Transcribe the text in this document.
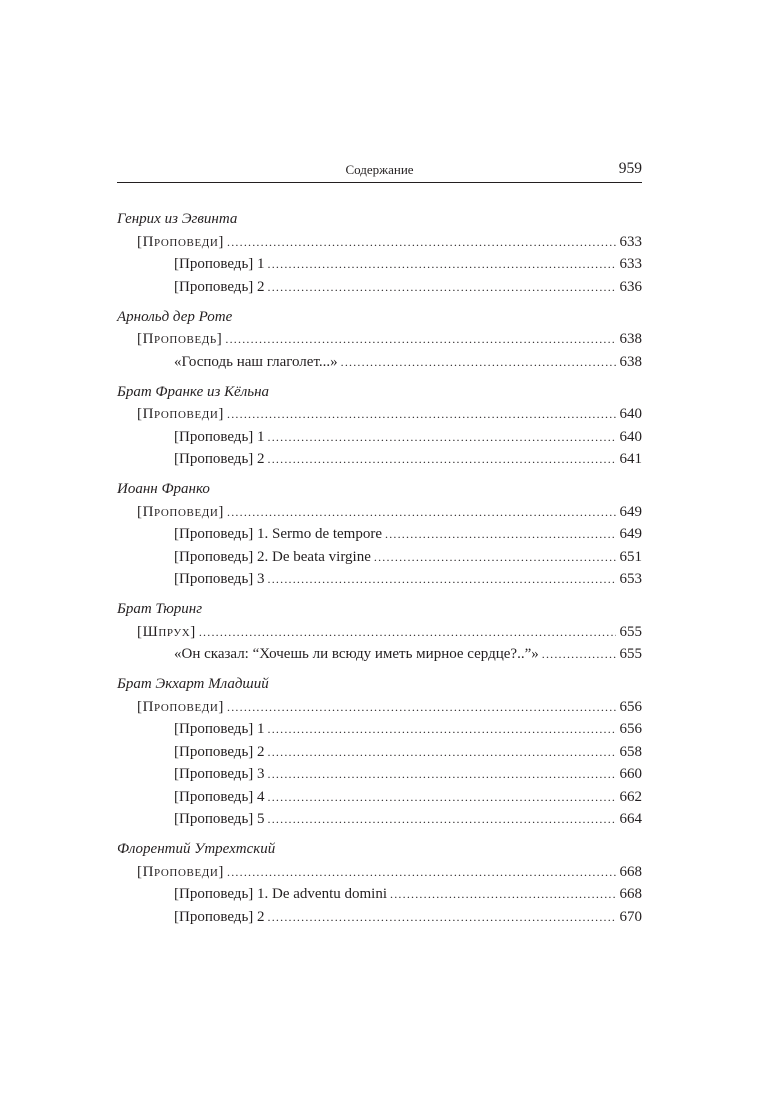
Содержание	959
Генрих из Эгвинта
[Проповеди] .....	633
[Проповедь] 1 .....	633
[Проповедь] 2 .....	636
Арнольд дер Роте
[Проповедь] .....	638
«Господь наш глаголет...» .....	638
Брат Франке из Кёльна
[Проповеди] .....	640
[Проповедь] 1 .....	640
[Проповедь] 2 .....	641
Иоанн Франко
[Проповеди] .....	649
[Проповедь] 1. Sermo de tempore .....	649
[Проповедь] 2. De beata virgine .....	651
[Проповедь] 3 .....	653
Брат Тюринг
[Шпрух] .....	655
«Он сказал: “Хочешь ли всюду иметь мирное сердце?..”» .....	655
Брат Экхарт Младший
[Проповеди] .....	656
[Проповедь] 1 .....	656
[Проповедь] 2 .....	658
[Проповедь] 3 .....	660
[Проповедь] 4 .....	662
[Проповедь] 5 .....	664
Флорентий Утрехтский
[Проповеди] .....	668
[Проповедь] 1. De adventu domini .....	668
[Проповедь] 2 .....	670
